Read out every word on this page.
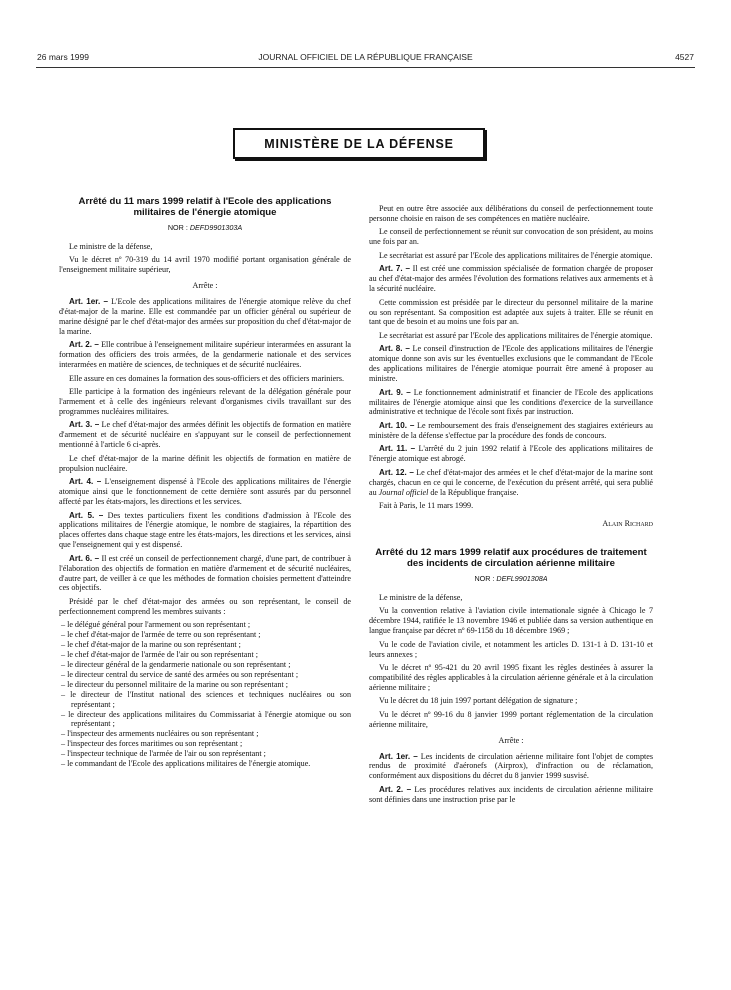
26 mars 1999	JOURNAL OFFICIEL DE LA RÉPUBLIQUE FRANÇAISE	4527
MINISTÈRE DE LA DÉFENSE
Arrêté du 11 mars 1999 relatif à l'Ecole des applications militaires de l'énergie atomique
NOR : DEFD9901303A

Le ministre de la défense,

Vu le décret nº 70-319 du 14 avril 1970 modifié portant organisation générale de l'enseignement militaire supérieur,

Arrête :

Art. 1er. – L'Ecole des applications militaires de l'énergie atomique relève du chef d'état-major de la marine. Elle est commandée par un officier général ou supérieur de marine désigné par le chef d'état-major des armées sur proposition du chef d'état-major de la marine.

Art. 2. – Elle contribue à l'enseignement militaire supérieur interarmées en assurant la formation des officiers des trois armées, de la gendarmerie nationale et des services interarmées en matière de sciences, de techniques et de sécurité nucléaires.

Elle assure en ces domaines la formation des sous-officiers et des officiers mariniers.

Elle participe à la formation des ingénieurs relevant de la délégation générale pour l'armement et à celle des ingénieurs relevant d'organismes civils travaillant sur des programmes nucléaires militaires.

Art. 3. – Le chef d'état-major des armées définit les objectifs de formation en matière d'armement et de sécurité nucléaire en s'appuyant sur le conseil de perfectionnement mentionné à l'article 6 ci-après.

Le chef d'état-major de la marine définit les objectifs de formation en matière de propulsion nucléaire.

Art. 4. – L'enseignement dispensé à l'Ecole des applications militaires de l'énergie atomique ainsi que le fonctionnement de cette dernière sont assurés par du personnel affecté par les états-majors, les directions et les services.

Art. 5. – Des textes particuliers fixent les conditions d'admission à l'Ecole des applications militaires de l'énergie atomique, le nombre de stagiaires, la répartition des places offertes dans chaque stage entre les états-majors, les directions et les services, ainsi que l'enseignement qui y est dispensé.

Art. 6. – Il est créé un conseil de perfectionnement chargé, d'une part, de contribuer à l'élaboration des objectifs de formation en matière d'armement et de sécurité nucléaires, d'autre part, de veiller à ce que les méthodes de formation choisies permettent d'atteindre ces objectifs.

Présidé par le chef d'état-major des armées ou son représentant, le conseil de perfectionnement comprend les membres suivants :

– le délégué général pour l'armement ou son représentant ;
– le chef d'état-major de l'armée de terre ou son représentant ;
– le chef d'état-major de la marine ou son représentant ;
– le chef d'état-major de l'armée de l'air ou son représentant ;
– le directeur général de la gendarmerie nationale ou son représentant ;
– le directeur central du service de santé des armées ou son représentant ;
– le directeur du personnel militaire de la marine ou son représentant ;
– le directeur de l'Institut national des sciences et techniques nucléaires ou son représentant ;
– le directeur des applications militaires du Commissariat à l'énergie atomique ou son représentant ;
– l'inspecteur des armements nucléaires ou son représentant ;
– l'inspecteur des forces maritimes ou son représentant ;
– l'inspecteur technique de l'armée de l'air ou son représentant ;
– le commandant de l'Ecole des applications militaires de l'énergie atomique.

Peut en outre être associée aux délibérations du conseil de perfectionnement toute personne choisie en raison de ses compétences en matière nucléaire.

Le conseil de perfectionnement se réunit sur convocation de son président, au moins une fois par an.

Le secrétariat est assuré par l'Ecole des applications militaires de l'énergie atomique.

Art. 7. – Il est créé une commission spécialisée de formation chargée de proposer au chef d'état-major des armées l'évolution des formations relatives aux armements et à la sécurité nucléaire.

Cette commission est présidée par le directeur du personnel militaire de la marine ou son représentant. Sa composition est adaptée aux sujets à traiter. Elle se réunit en tant que de besoin et au moins une fois par an.

Le secrétariat est assuré par l'Ecole des applications militaires de l'énergie atomique.

Art. 8. – Le conseil d'instruction de l'Ecole des applications militaires de l'énergie atomique donne son avis sur les éventuelles exclusions que le commandant de l'Ecole des applications militaires de l'énergie atomique pourrait être amené à proposer au ministre.

Art. 9. – Le fonctionnement administratif et financier de l'Ecole des applications militaires de l'énergie atomique ainsi que les conditions d'exercice de la surveillance administrative et technique de l'école sont fixés par instruction.

Art. 10. – Le remboursement des frais d'enseignement des stagiaires extérieurs au ministère de la défense s'effectue par la procédure des fonds de concours.

Art. 11. – L'arrêté du 2 juin 1992 relatif à l'Ecole des applications militaires de l'énergie atomique est abrogé.

Art. 12. – Le chef d'état-major des armées et le chef d'état-major de la marine sont chargés, chacun en ce qui le concerne, de l'exécution du présent arrêté, qui sera publié au Journal officiel de la République française.

Fait à Paris, le 11 mars 1999.

Alain Richard

Arrêté du 12 mars 1999 relatif aux procédures de traitement des incidents de circulation aérienne militaire
NOR : DEFL9901308A

Le ministre de la défense,

Vu la convention relative à l'aviation civile internationale signée à Chicago le 7 décembre 1944, ratifiée le 13 novembre 1946 et publiée dans sa version authentique en langue française par décret nº 69-1158 du 18 décembre 1969 ;

Vu le code de l'aviation civile, et notamment les articles D. 131-1 à D. 131-10 et leurs annexes ;

Vu le décret nº 95-421 du 20 avril 1995 fixant les règles destinées à assurer la compatibilité des règles applicables à la circulation aérienne générale et à la circulation aérienne militaire ;

Vu le décret du 18 juin 1997 portant délégation de signature ;

Vu le décret nº 99-16 du 8 janvier 1999 portant réglementation de la circulation aérienne militaire,

Arrête :

Art. 1er. – Les incidents de circulation aérienne militaire font l'objet de comptes rendus de proximité d'aéronefs (Airprox), d'infraction ou de réclamation, conformément aux dispositions du décret du 8 janvier 1999 susvisé.

Art. 2. – Les procédures relatives aux incidents de circulation aérienne militaire sont définies dans une instruction prise par le
